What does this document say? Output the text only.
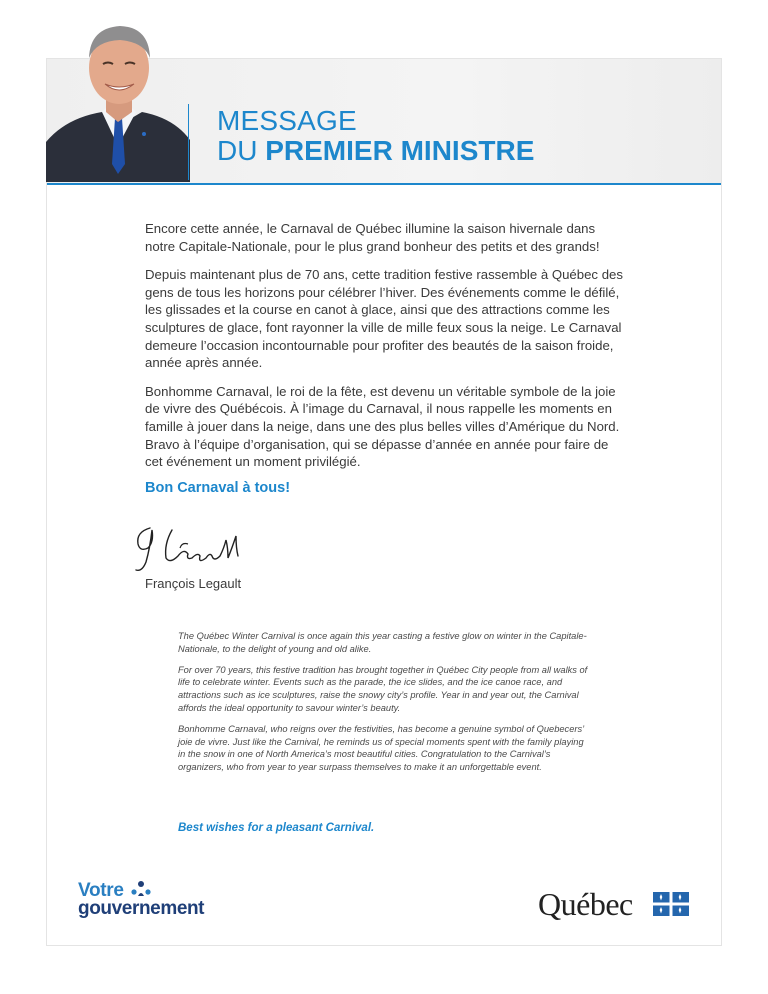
MESSAGE
DU PREMIER MINISTRE

Encore cette année, le Carnaval de Québec illumine la saison hivernale dans notre Capitale-Nationale, pour le plus grand bonheur des petits et des grands!

Depuis maintenant plus de 70 ans, cette tradition festive rassemble à Québec des gens de tous les horizons pour célébrer l’hiver. Des événements comme le défilé, les glissades et la course en canot à glace, ainsi que des attractions comme les sculptures de glace, font rayonner la ville de mille feux sous la neige. Le Carnaval demeure l’occasion incontournable pour profiter des beautés de la saison froide, année après année.

Bonhomme Carnaval, le roi de la fête, est devenu un véritable symbole de la joie de vivre des Québécois. À l’image du Carnaval, il nous rappelle les moments en famille à jouer dans la neige, dans une des plus belles villes d’Amérique du Nord. Bravo à l’équipe d’organisation, qui se dépasse d’année en année pour faire de cet événement un moment privilégié.

Bon Carnaval à tous!
François Legault

The Québec Winter Carnival is once again this year casting a festive glow on winter in the Capitale-Nationale, to the delight of young and old alike.

For over 70 years, this festive tradition has brought together in Québec City people from all walks of life to celebrate winter. Events such as the parade, the ice slides, and the ice canoe race, and attractions such as ice sculptures, raise the snowy city’s profile. Year in and year out, the Carnival affords the ideal opportunity to savour winter’s beauty.

Bonhomme Carnaval, who reigns over the festivities, has become a genuine symbol of Quebecers’ joie de vivre. Just like the Carnival, he reminds us of special moments spent with the family playing in the snow in one of North America’s most beautiful cities. Congratulation to the Carnival’s organizers, who from year to year surpass themselves to make it an unforgettable event.

Best wishes for a pleasant Carnival.
Votre
gouvernement	Québec
